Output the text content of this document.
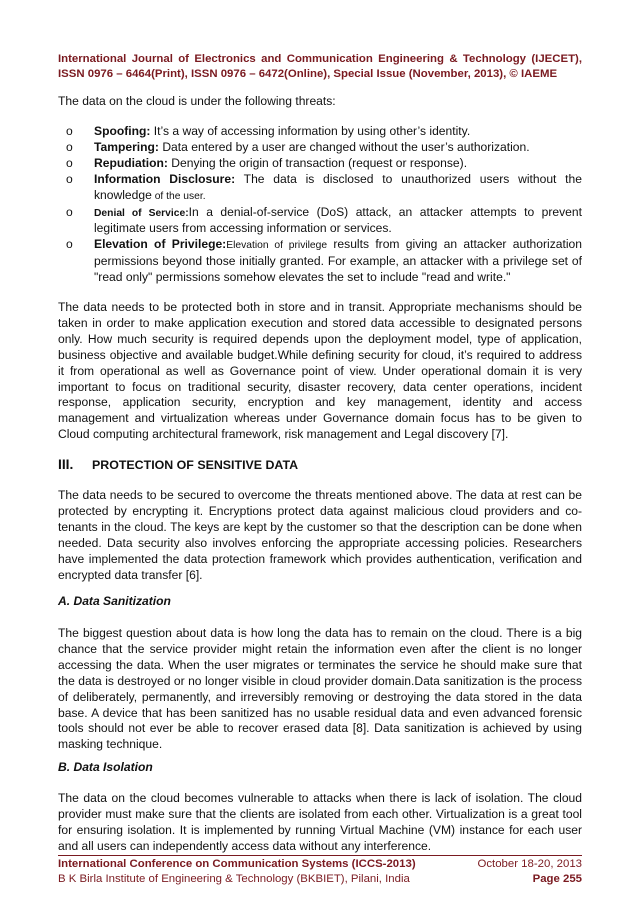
International Journal of Electronics and Communication Engineering & Technology (IJECET),
ISSN 0976 – 6464(Print), ISSN 0976 – 6472(Online), Special Issue (November, 2013), © IAEME
The data on the cloud is under the following threats:
o Spoofing: It’s a way of accessing information by using other’s identity.
o Tampering: Data entered by a user are changed without the user’s authorization.
o Repudiation: Denying the origin of transaction (request or response).
o Information Disclosure: The data is disclosed to unauthorized users without the knowledge of the user.
o Denial of Service:In a denial-of-service (DoS) attack, an attacker attempts to prevent legitimate users from accessing information or services.
o Elevation of Privilege:Elevation of privilege results from giving an attacker authorization permissions beyond those initially granted. For example, an attacker with a privilege set of "read only" permissions somehow elevates the set to include "read and write."

The data needs to be protected both in store and in transit. Appropriate mechanisms should be taken in order to make application execution and stored data accessible to designated persons only. How much security is required depends upon the deployment model, type of application, business objective and available budget.While defining security for cloud, it’s required to address it from operational as well as Governance point of view. Under operational domain it is very important to focus on traditional security, disaster recovery, data center operations, incident response, application security, encryption and key management, identity and access management and virtualization whereas under Governance domain focus has to be given to Cloud computing architectural framework, risk management and Legal discovery [7].

III. PROTECTION OF SENSITIVE DATA

The data needs to be secured to overcome the threats mentioned above. The data at rest can be protected by encrypting it. Encryptions protect data against malicious cloud providers and co-tenants in the cloud. The keys are kept by the customer so that the description can be done when needed. Data security also involves enforcing the appropriate accessing policies. Researchers have implemented the data protection framework which provides authentication, verification and encrypted data transfer [6].

A. Data Sanitization

The biggest question about data is how long the data has to remain on the cloud. There is a big chance that the service provider might retain the information even after the client is no longer accessing the data. When the user migrates or terminates the service he should make sure that the data is destroyed or no longer visible in cloud provider domain.Data sanitization is the process of deliberately, permanently, and irreversibly removing or destroying the data stored in the data base. A device that has been sanitized has no usable residual data and even advanced forensic tools should not ever be able to recover erased data [8]. Data sanitization is achieved by using masking technique.

B. Data Isolation

The data on the cloud becomes vulnerable to attacks when there is lack of isolation. The cloud provider must make sure that the clients are isolated from each other. Virtualization is a great tool for ensuring isolation. It is implemented by running Virtual Machine (VM) instance for each user and all users can independently access data without any interference.

International Conference on Communication Systems (ICCS-2013)	October 18-20, 2013
B K Birla Institute of Engineering & Technology (BKBIET), Pilani, India	Page 255
